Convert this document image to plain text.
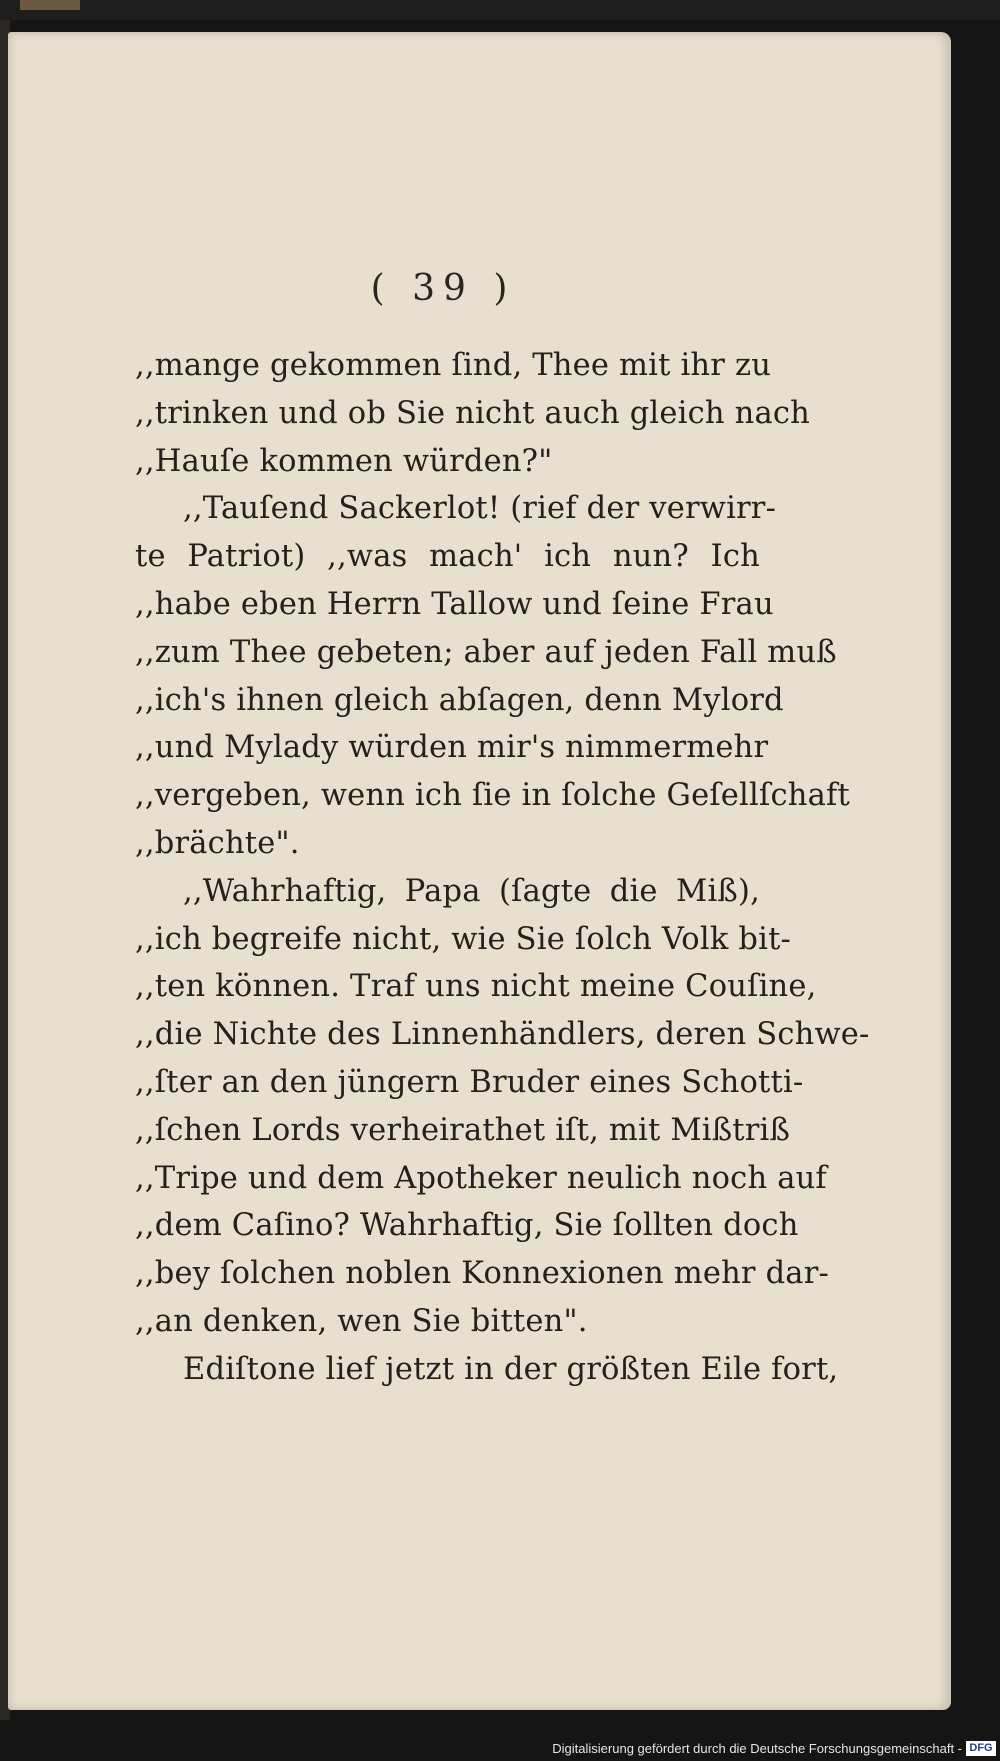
( 39 )
,,mange gekommen ſind, Thee mit ihr zu
,,trinken und ob Sie nicht auch gleich nach
,,Hauſe kommen würden?"
,,Tauſend Sackerlot! (rief der verwirr-
te Patriot) ,,was mach' ich nun? Ich
,,habe eben Herrn Tallow und ſeine Frau
,,zum Thee gebeten; aber auf jeden Fall muß
,,ich's ihnen gleich abſagen, denn Mylord
,,und Mylady würden mir's nimmermehr
,,vergeben, wenn ich ſie in ſolche Geſellſchaft
,,brächte".
,,Wahrhaftig, Papa (ſagte die Miß),
,,ich begreife nicht, wie Sie ſolch Volk bit-
,,ten können. Traf uns nicht meine Couſine,
,,die Nichte des Linnenhändlers, deren Schwe-
,,ſter an den jüngern Bruder eines Schotti-
,,ſchen Lords verheirathet iſt, mit Mißtriß
,,Tripe und dem Apotheker neulich noch auf
,,dem Caſino? Wahrhaftig, Sie ſollten doch
,,bey ſolchen noblen Konnexionen mehr dar-
,,an denken, wen Sie bitten".
Ediſtone lief jetzt in der größten Eile fort,
Digitalisierung gefördert durch die Deutsche Forschungsgemeinschaft - DFG
